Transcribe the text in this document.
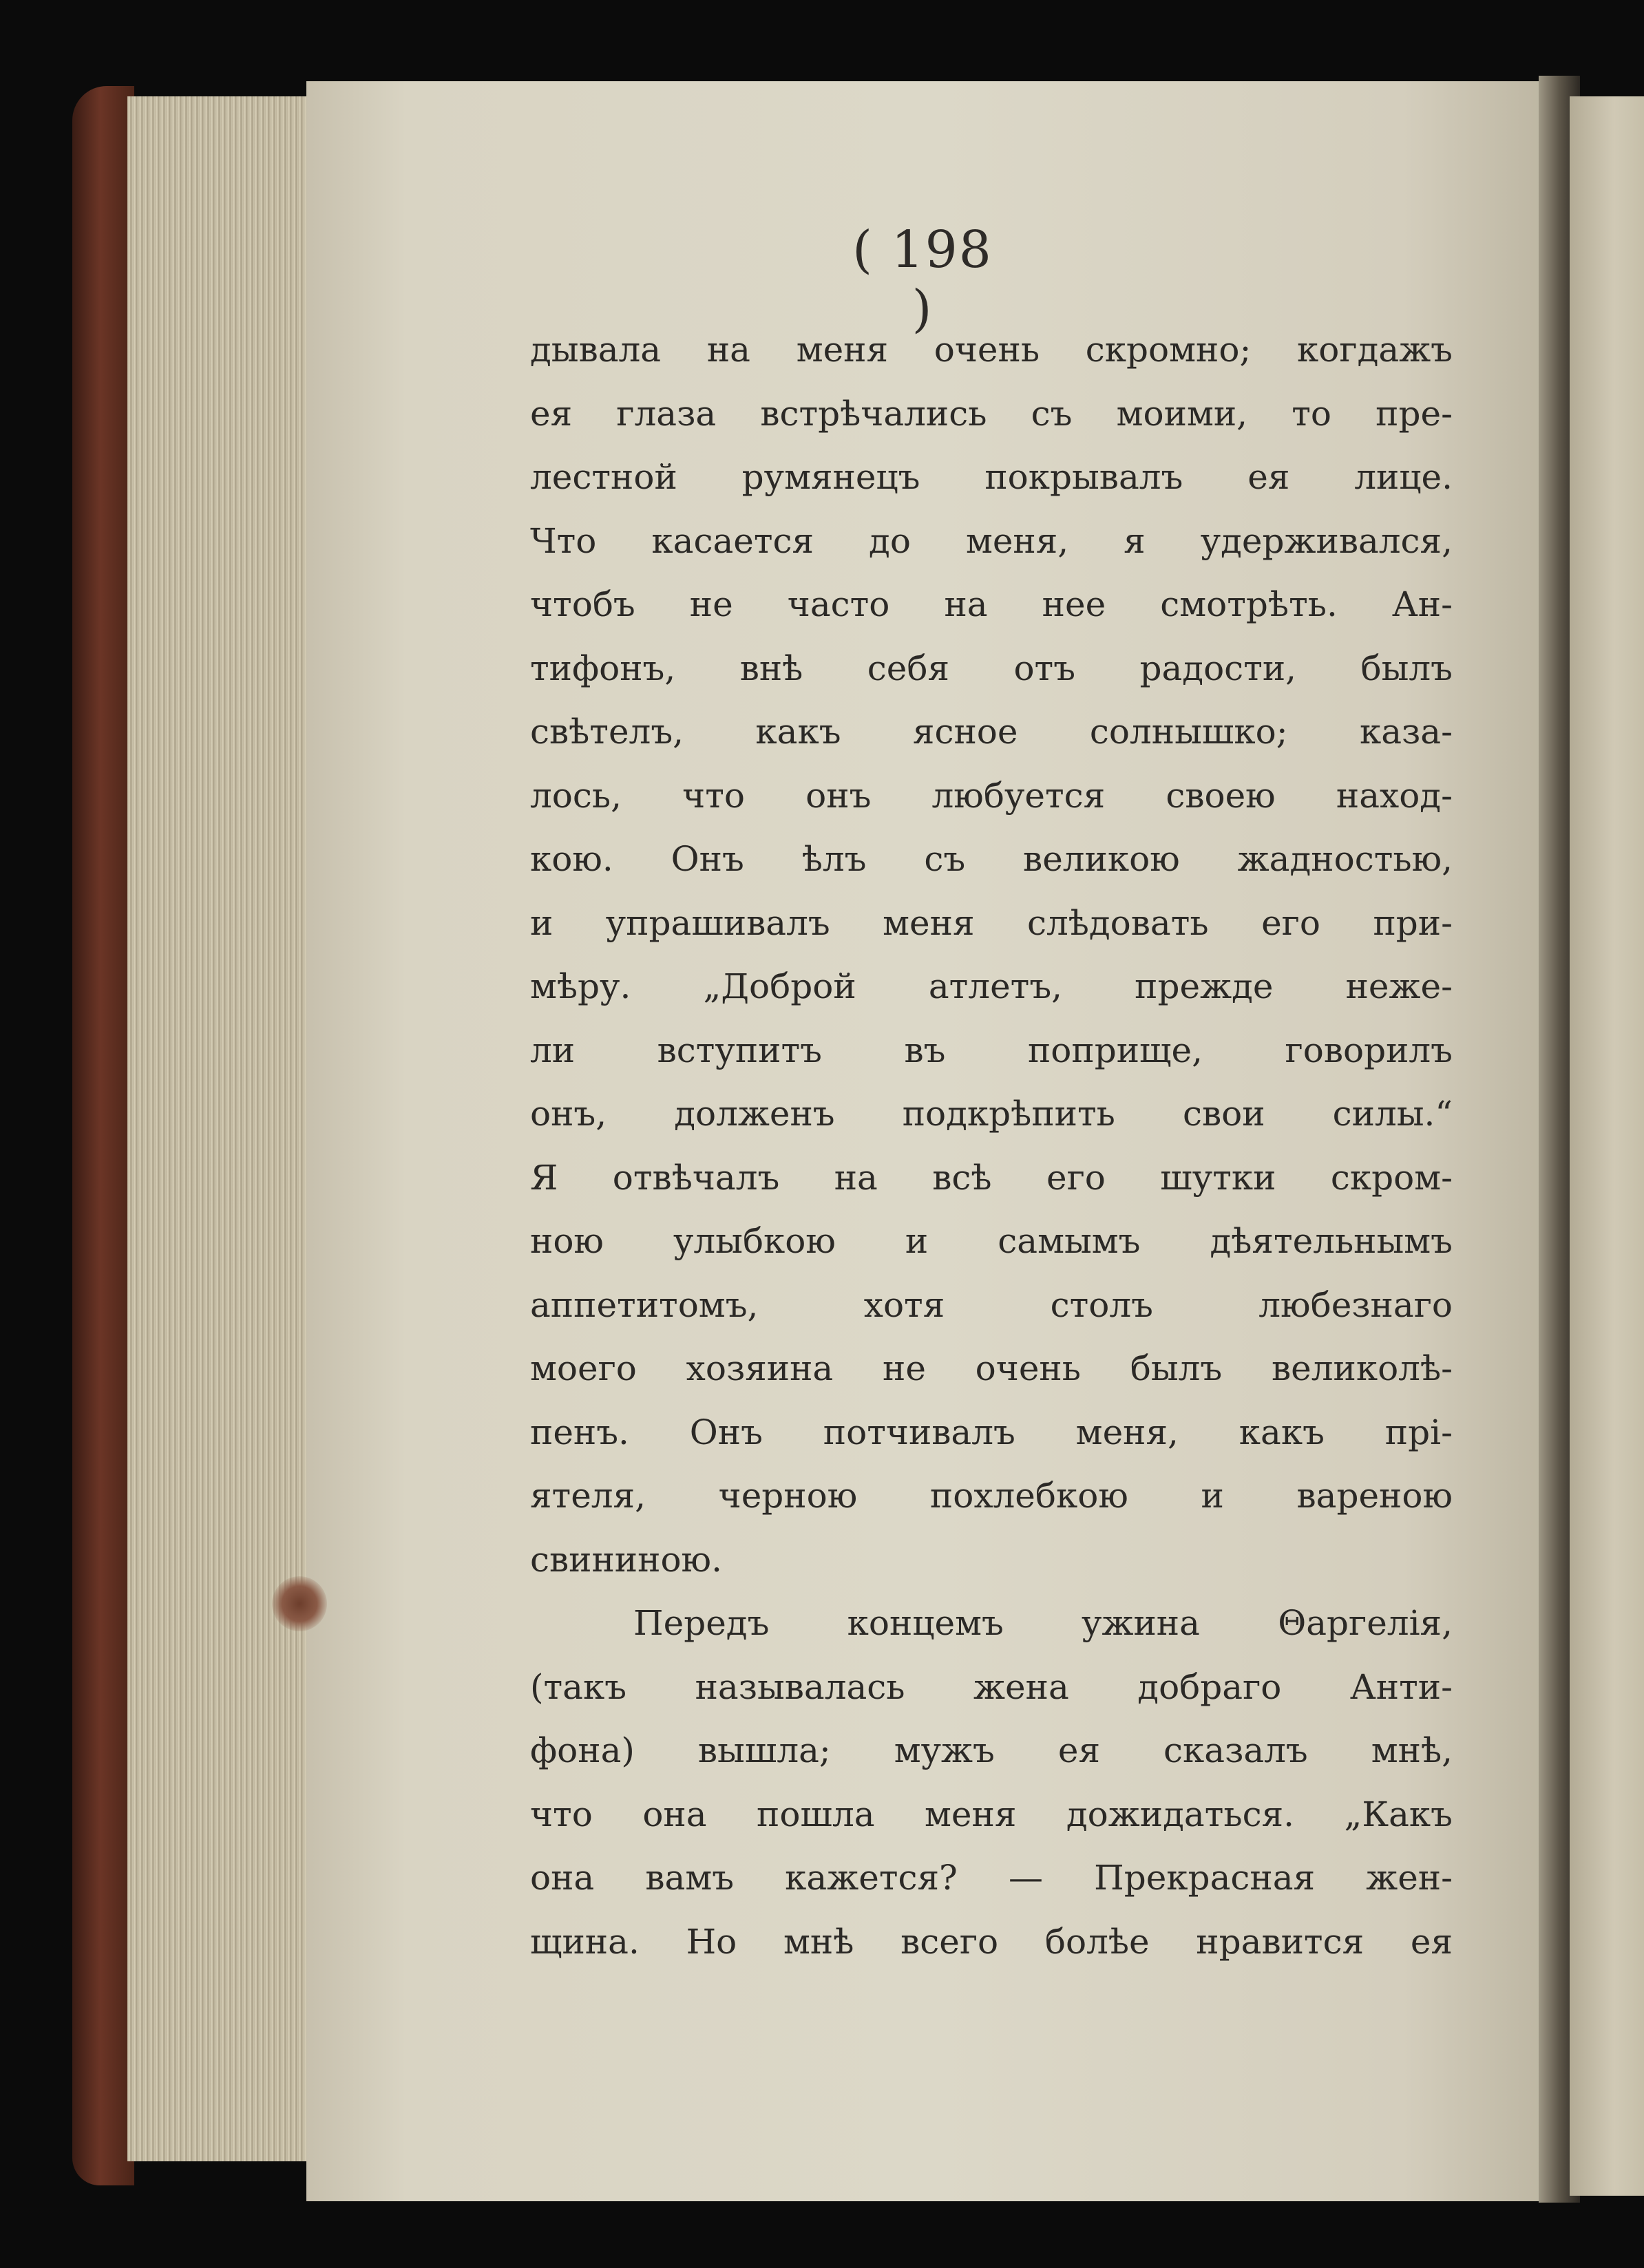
( 198 )
дывала на меня очень скромно; когдажъ
ея глаза встрѣчались съ моими, то пре-
лестной румянецъ покрывалъ ея лице.
Что касается до меня, я удерживался,
чтобъ не часто на нее смотрѣть. Ан-
тифонъ, внѣ себя отъ радости, былъ
свѣтелъ, какъ ясное солнышко; каза-
лось, что онъ любуется своею наход-
кою. Онъ ѣлъ съ великою жадностью,
и упрашивалъ меня слѣдовать его при-
мѣру. „Доброй атлетъ, прежде неже-
ли вступитъ въ поприще, говорилъ
онъ, долженъ подкрѣпить свои силы.“
Я отвѣчалъ на всѣ его шутки скром-
ною улыбкою и самымъ дѣятельнымъ
аппетитомъ, хотя столъ любезнаго
моего хозяина не очень былъ великолѣ-
пенъ. Онъ потчивалъ меня, какъ прі-
ятеля, черною похлебкою и вареною
свининою.
Передъ концемъ ужина Θаргелія,
(такъ называлась жена добраго Анти-
фона) вышла; мужъ ея сказалъ мнѣ,
что она пошла меня дожидаться. „Какъ
она вамъ кажется? — Прекрасная жен-
щина. Но мнѣ всего болѣе нравится ея
